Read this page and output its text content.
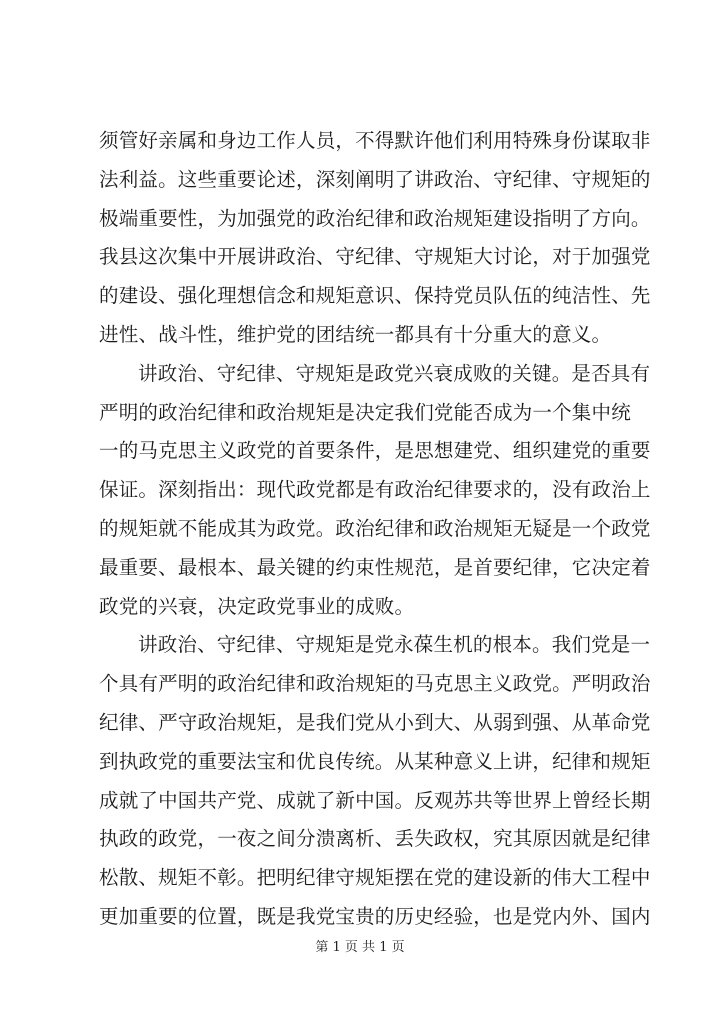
须管好亲属和身边工作人员，不得默许他们利用特殊身份谋取非
法利益。这些重要论述，深刻阐明了讲政治、守纪律、守规矩的
极端重要性，为加强党的政治纪律和政治规矩建设指明了方向。
我县这次集中开展讲政治、守纪律、守规矩大讨论，对于加强党
的建设、强化理想信念和规矩意识、保持党员队伍的纯洁性、先
进性、战斗性，维护党的团结统一都具有十分重大的意义。
讲政治、守纪律、守规矩是政党兴衰成败的关键。是否具有
严明的政治纪律和政治规矩是决定我们党能否成为一个集中统
一的马克思主义政党的首要条件，是思想建党、组织建党的重要
保证。深刻指出：现代政党都是有政治纪律要求的，没有政治上
的规矩就不能成其为政党。政治纪律和政治规矩无疑是一个政党
最重要、最根本、最关键的约束性规范，是首要纪律，它决定着
政党的兴衰，决定政党事业的成败。
讲政治、守纪律、守规矩是党永葆生机的根本。我们党是一
个具有严明的政治纪律和政治规矩的马克思主义政党。严明政治
纪律、严守政治规矩，是我们党从小到大、从弱到强、从革命党
到执政党的重要法宝和优良传统。从某种意义上讲，纪律和规矩
成就了中国共产党、成就了新中国。反观苏共等世界上曾经长期
执政的政党，一夜之间分溃离析、丢失政权，究其原因就是纪律
松散、规矩不彰。把明纪律守规矩摆在党的建设新的伟大工程中
更加重要的位置，既是我党宝贵的历史经验，也是党内外、国内
第 1 页 共 1 页
